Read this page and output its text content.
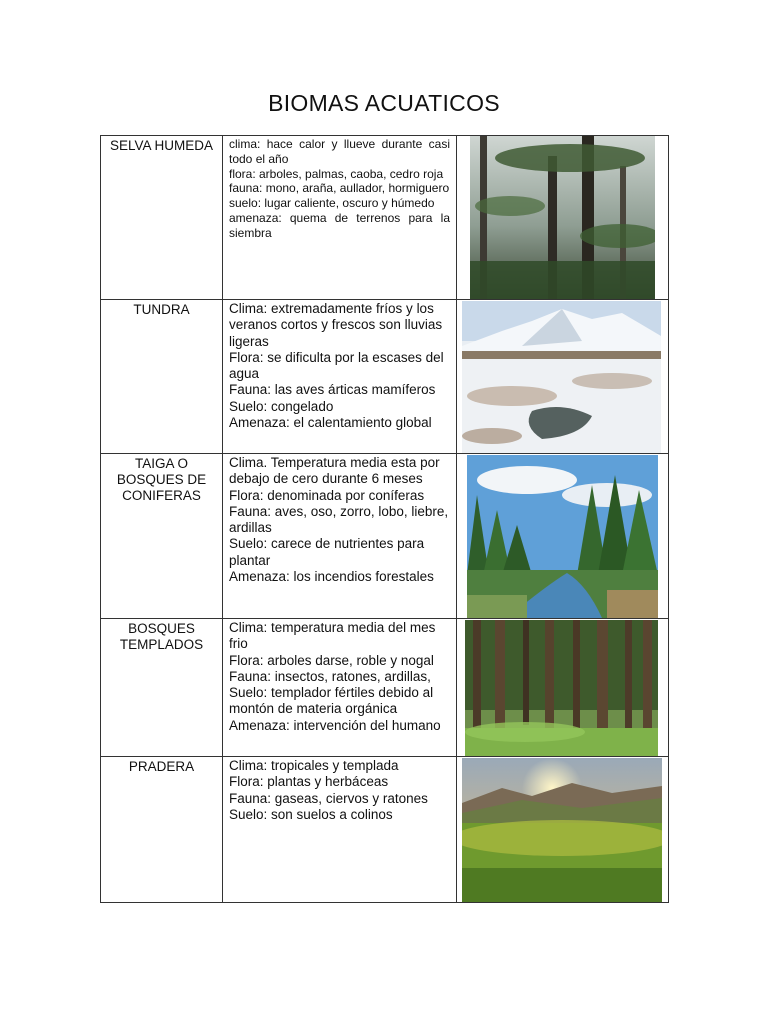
BIOMAS ACUATICOS
SELVA HUMEDA	clima: hace calor y llueve durante casi todo el año
flora: arboles, palmas, caoba, cedro roja
fauna: mono, araña, aullador, hormiguero
suelo: lugar caliente, oscuro y húmedo
amenaza: quema de terrenos para la siembra

TUNDRA	Clima: extremadamente fríos y los veranos cortos y frescos son lluvias ligeras
Flora: se dificulta por la escases del agua
Fauna: las aves árticas mamíferos
Suelo: congelado
Amenaza: el calentamiento global

TAIGA O BOSQUES DE CONIFERAS	Clima. Temperatura media esta por debajo de cero durante 6 meses
Flora: denominada por coníferas
Fauna: aves, oso, zorro, lobo, liebre, ardillas
Suelo: carece de nutrientes para plantar
Amenaza: los incendios forestales

BOSQUES TEMPLADOS	Clima: temperatura media del mes frio
Flora: arboles darse, roble y nogal
Fauna: insectos, ratones, ardillas,
Suelo: templador fértiles debido al montón de materia orgánica
Amenaza: intervención del humano

PRADERA	Clima: tropicales y templada
Flora: plantas y herbáceas
Fauna: gaseas, ciervos y ratones
Suelo: son suelos a colinos
